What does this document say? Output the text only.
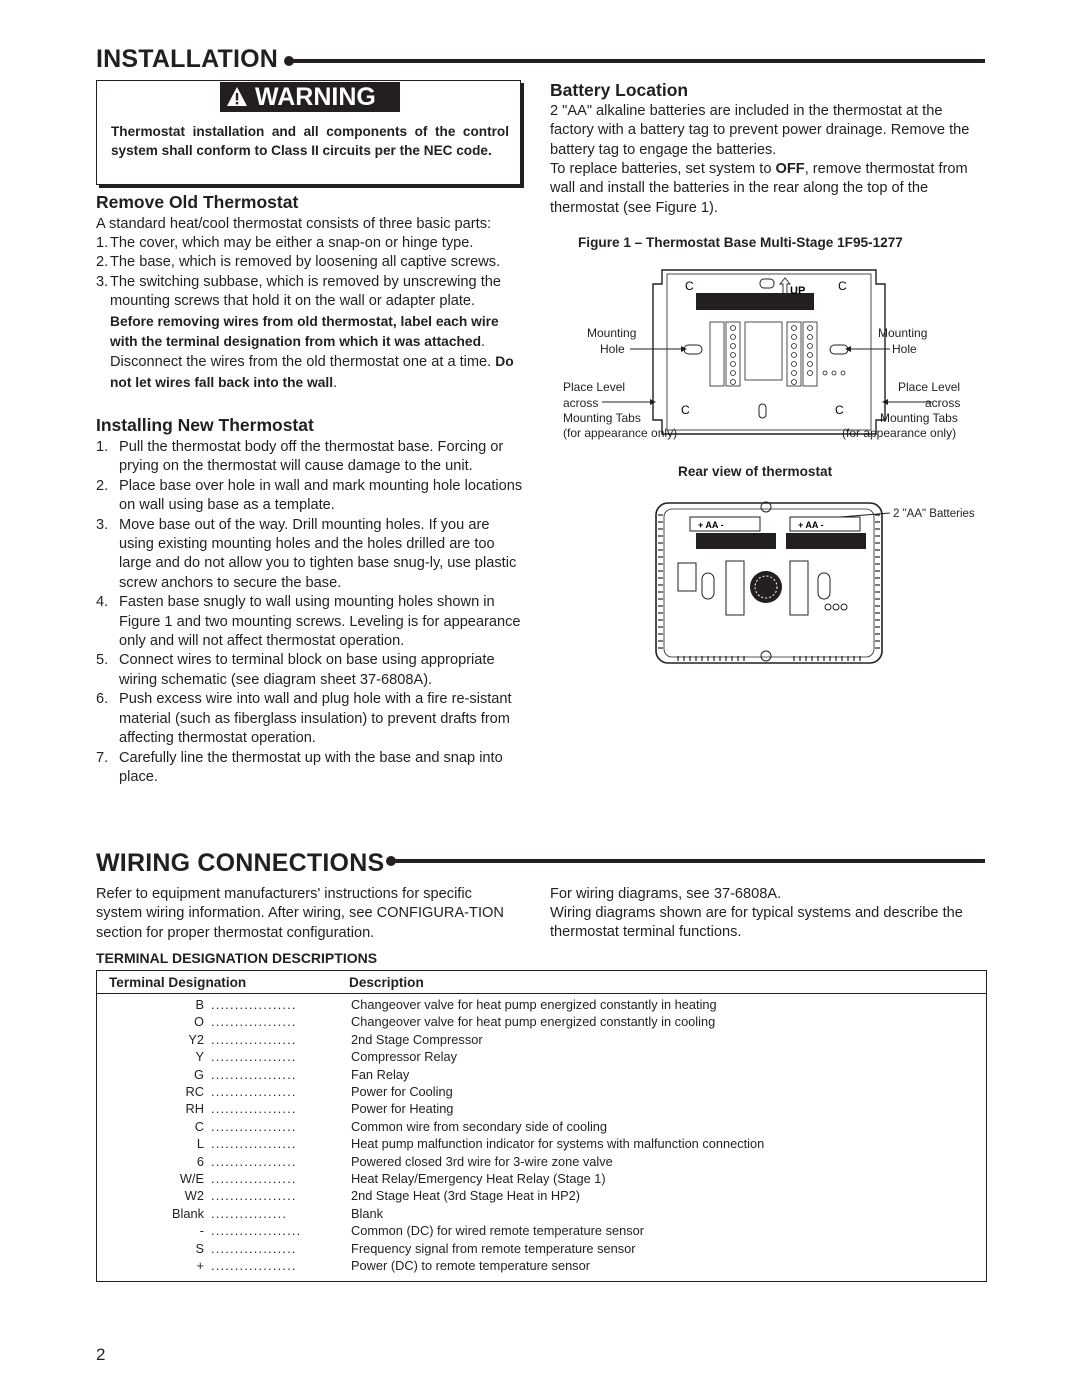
INSTALLATION
WARNING
Thermostat installation and all components of the control system shall conform to Class II circuits per the NEC code.
Remove Old Thermostat
A standard heat/cool thermostat consists of three basic parts:
1. The cover, which may be either a snap-on or hinge type.
2. The base, which is removed by loosening all captive screws.
3. The switching subbase, which is removed by unscrewing the mounting screws that hold it on the wall or adapter plate. Before removing wires from old thermostat, label each wire with the terminal designation from which it was attached. Disconnect the wires from the old thermostat one at a time. Do not let wires fall back into the wall.
Installing New Thermostat
1. Pull the thermostat body off the thermostat base. Forcing or prying on the thermostat will cause damage to the unit.
2. Place base over hole in wall and mark mounting hole locations on wall using base as a template.
3. Move base out of the way. Drill mounting holes. If you are using existing mounting holes and the holes drilled are too large and do not allow you to tighten base snug-ly, use plastic screw anchors to secure the base.
4. Fasten base snugly to wall using mounting holes shown in Figure 1 and two mounting screws. Leveling is for appearance only and will not affect thermostat operation.
5. Connect wires to terminal block on base using appropriate wiring schematic (see diagram sheet 37-6808A).
6. Push excess wire into wall and plug hole with a fire re-sistant material (such as fiberglass insulation) to prevent drafts from affecting thermostat operation.
7. Carefully line the thermostat up with the base and snap into place.
Battery Location
2 "AA" alkaline batteries are included in the thermostat at the factory with a battery tag to prevent power drainage. Remove the battery tag to engage the batteries.
To replace batteries, set system to OFF, remove thermostat from wall and install the batteries in the rear along the top of the thermostat (see Figure 1).
Figure 1 – Thermostat Base Multi-Stage 1F95-1277
C	C
UP
C	C
Mounting
Hole
Mounting
Hole
Place Level
across
Mounting Tabs
(for appearance only)
Place Level
across
Mounting Tabs
(for appearance only)
Rear view of thermostat
+ AA -	+ AA -
2 "AA" Batteries
WIRING CONNECTIONS
Refer to equipment manufacturers' instructions for specific system wiring information. After wiring, see CONFIGURA-TION section for proper thermostat configuration.
For wiring diagrams, see 37-6808A.
Wiring diagrams shown are for typical systems and describe the thermostat terminal functions.
TERMINAL DESIGNATION DESCRIPTIONS
Terminal Designation	Description
B ..................	Changeover valve for heat pump energized constantly in heating
O ..................	Changeover valve for heat pump energized constantly in cooling
Y2 ..................	2nd Stage Compressor
Y ..................	Compressor Relay
G ..................	Fan Relay
RC ..................	Power for Cooling
RH ..................	Power for Heating
C ..................	Common wire from secondary side of cooling
L ..................	Heat pump malfunction indicator for systems with malfunction connection
6 ..................	Powered closed 3rd wire for 3-wire zone valve
W/E ..................	Heat Relay/Emergency Heat Relay (Stage 1)
W2 ..................	2nd Stage Heat (3rd Stage Heat in HP2)
Blank ................	Blank
- ...................	Common (DC) for wired remote temperature sensor
S ..................	Frequency signal from remote temperature sensor
+ ..................	Power (DC) to remote temperature sensor
2
